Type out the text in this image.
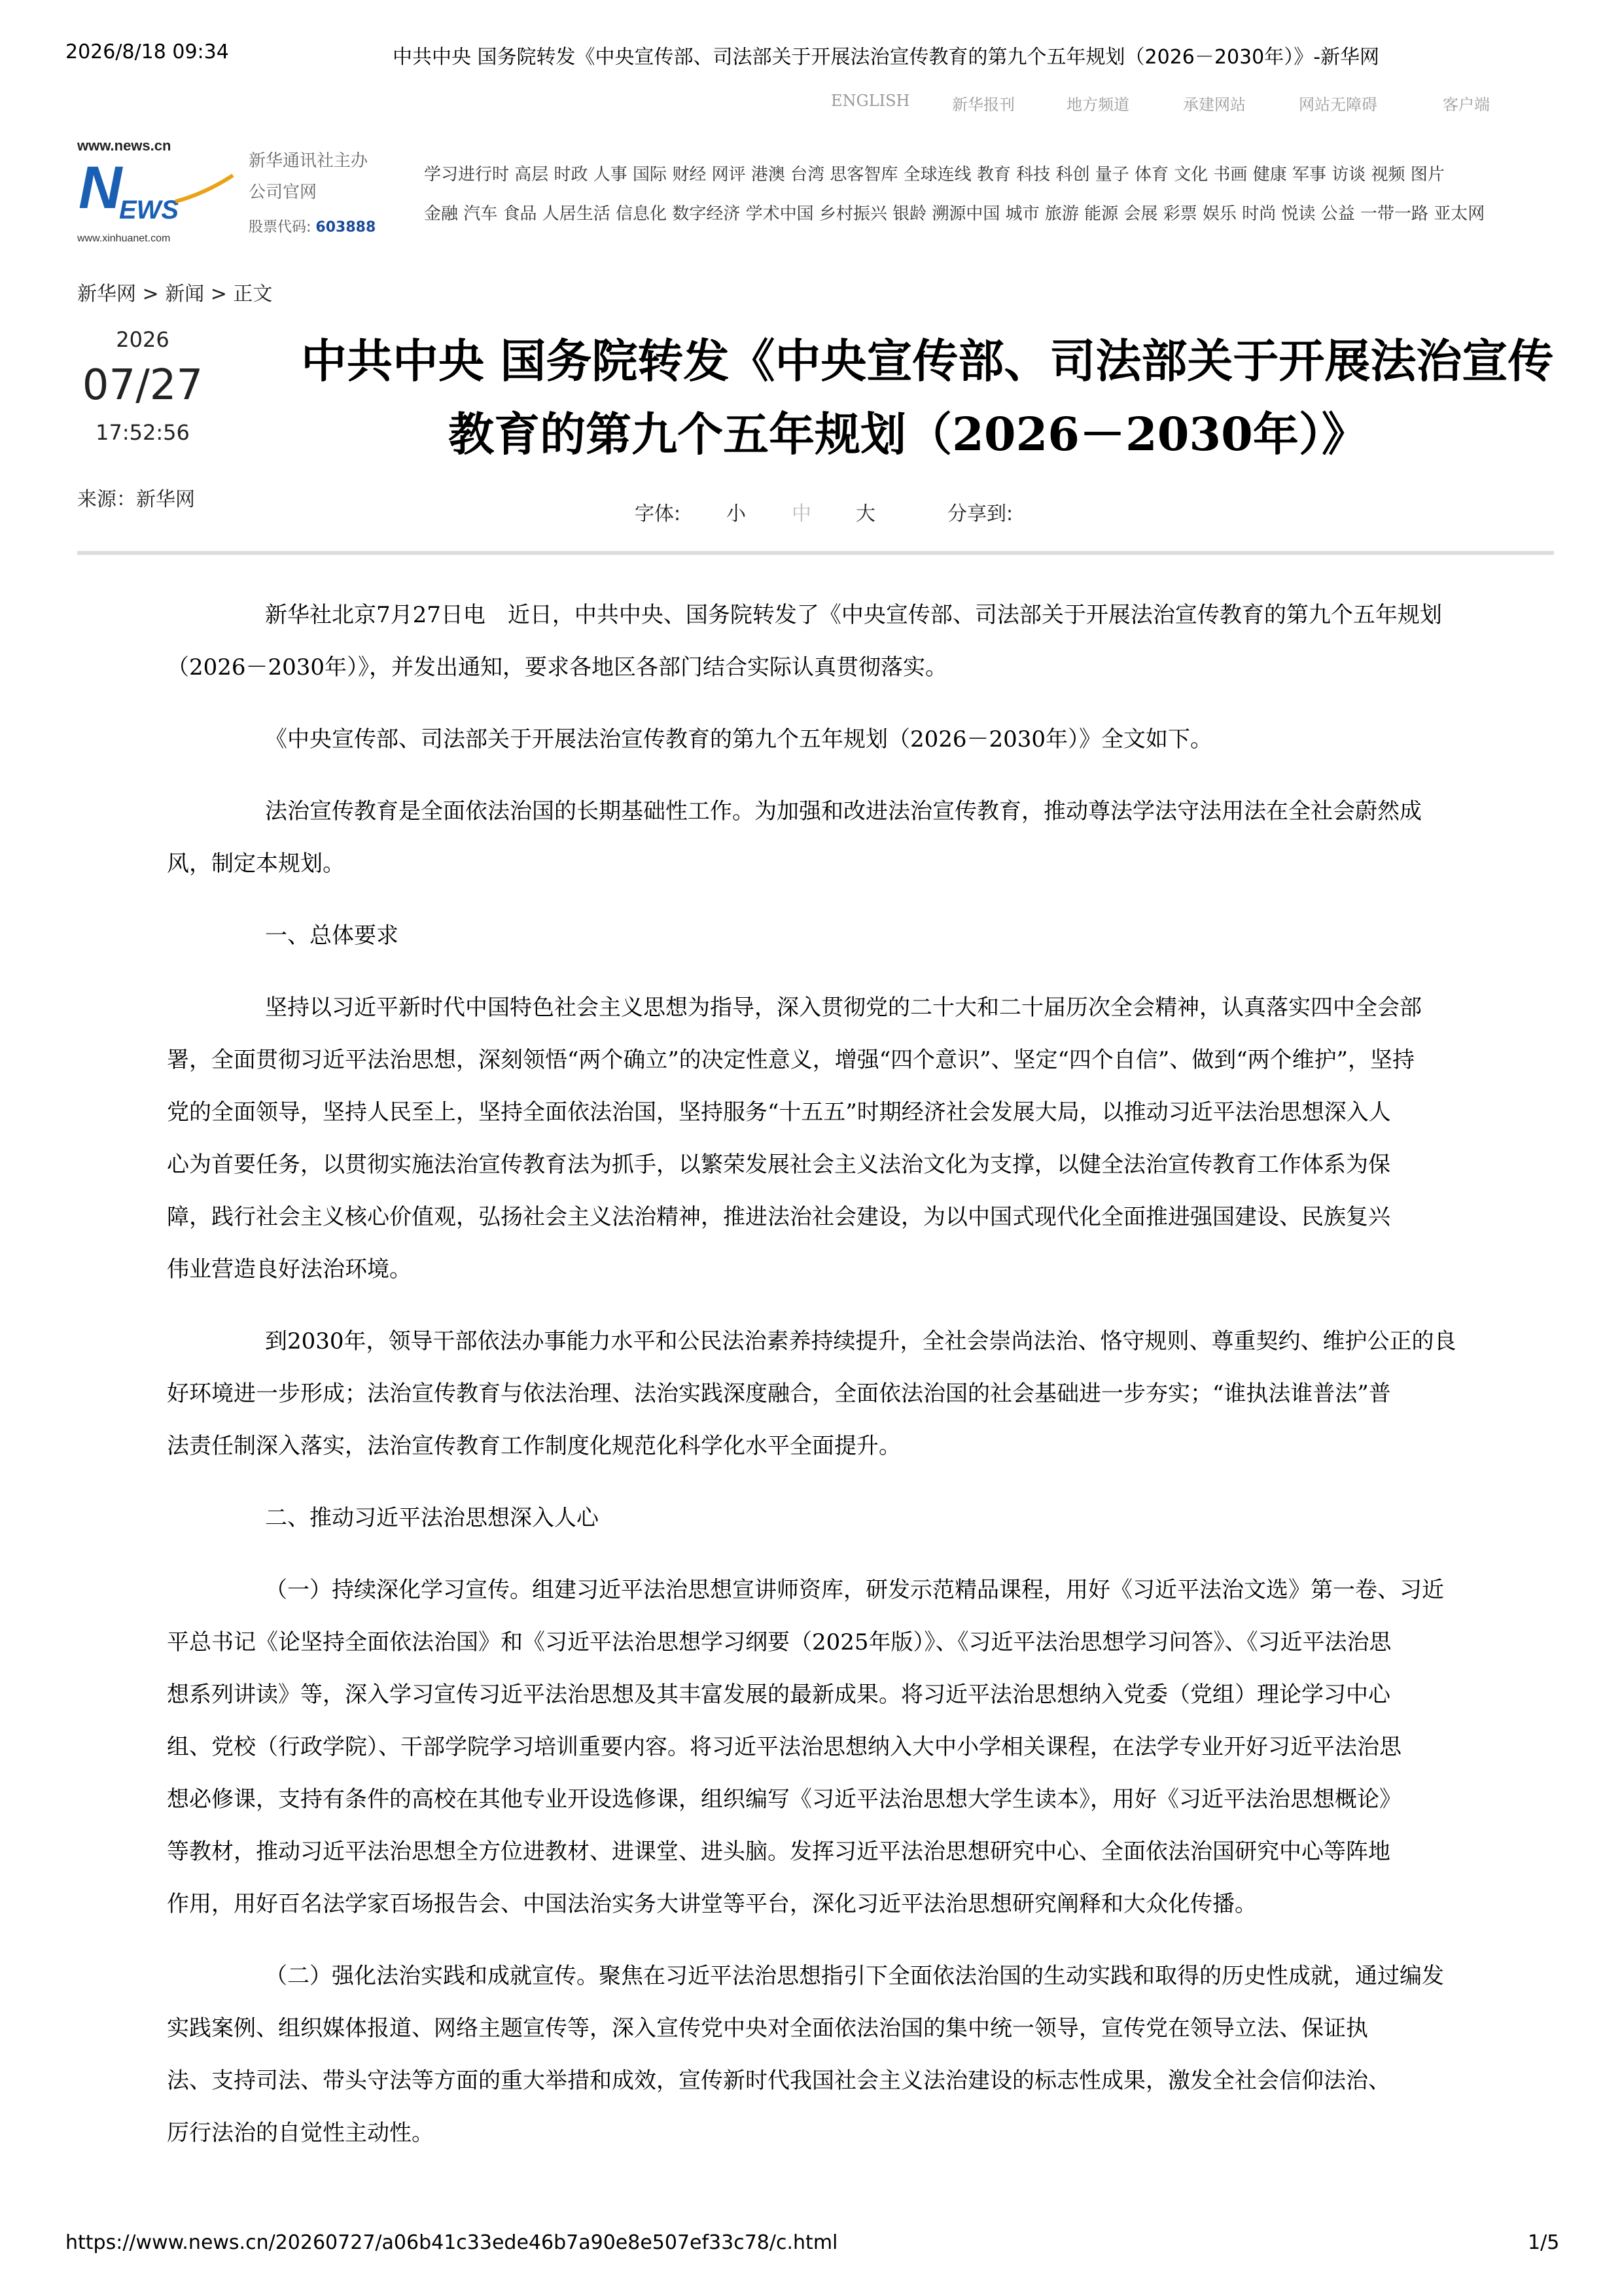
2026/8/18 09:34	中共中央 国务院转发《中央宣传部、司法部关于开展法治宣传教育的第九个五年规划（2026－2030年）》-新华网
ENGLISH	新华报刊	地方频道	承建网站	网站无障碍	客户端
www.news.cn
N
EWS
www.xinhuanet.com
新华通讯社主办
公司官网
股票代码: 603888
学习进行时 高层 时政 人事 国际 财经 网评 港澳 台湾 思客智库 全球连线 教育 科技 科创 量子 体育 文化 书画 健康 军事 访谈 视频 图片
金融 汽车 食品 人居生活 信息化 数字经济 学术中国 乡村振兴 银龄 溯源中国 城市 旅游 能源 会展 彩票 娱乐 时尚 悦读 公益 一带一路 亚太网
新华网 > 新闻 > 正文
2026
07/27
17:52:56
来源：新华网
中共中央 国务院转发《中央宣传部、司法部关于开展法治宣传
教育的第九个五年规划（2026－2030年）》
字体: 小 中 大	分享到:

新华社北京7月27日电　近日，中共中央、国务院转发了《中央宣传部、司法部关于开展法治宣传教育的第九个五年规划

（2026－2030年）》，并发出通知，要求各地区各部门结合实际认真贯彻落实。

《中央宣传部、司法部关于开展法治宣传教育的第九个五年规划（2026－2030年）》全文如下。

法治宣传教育是全面依法治国的长期基础性工作。为加强和改进法治宣传教育，推动尊法学法守法用法在全社会蔚然成

风，制定本规划。

一、总体要求

坚持以习近平新时代中国特色社会主义思想为指导，深入贯彻党的二十大和二十届历次全会精神，认真落实四中全会部

署，全面贯彻习近平法治思想，深刻领悟“两个确立”的决定性意义，增强“四个意识”、坚定“四个自信”、做到“两个维护”，坚持

党的全面领导，坚持人民至上，坚持全面依法治国，坚持服务“十五五”时期经济社会发展大局，以推动习近平法治思想深入人

心为首要任务，以贯彻实施法治宣传教育法为抓手，以繁荣发展社会主义法治文化为支撑，以健全法治宣传教育工作体系为保

障，践行社会主义核心价值观，弘扬社会主义法治精神，推进法治社会建设，为以中国式现代化全面推进强国建设、民族复兴

伟业营造良好法治环境。

到2030年，领导干部依法办事能力水平和公民法治素养持续提升，全社会崇尚法治、恪守规则、尊重契约、维护公正的良

好环境进一步形成；法治宣传教育与依法治理、法治实践深度融合，全面依法治国的社会基础进一步夯实；“谁执法谁普法”普

法责任制深入落实，法治宣传教育工作制度化规范化科学化水平全面提升。

二、推动习近平法治思想深入人心

（一）持续深化学习宣传。组建习近平法治思想宣讲师资库，研发示范精品课程，用好《习近平法治文选》第一卷、习近

平总书记《论坚持全面依法治国》和《习近平法治思想学习纲要（2025年版）》、《习近平法治思想学习问答》、《习近平法治思

想系列讲读》等，深入学习宣传习近平法治思想及其丰富发展的最新成果。将习近平法治思想纳入党委（党组）理论学习中心

组、党校（行政学院）、干部学院学习培训重要内容。将习近平法治思想纳入大中小学相关课程，在法学专业开好习近平法治思

想必修课，支持有条件的高校在其他专业开设选修课，组织编写《习近平法治思想大学生读本》，用好《习近平法治思想概论》

等教材，推动习近平法治思想全方位进教材、进课堂、进头脑。发挥习近平法治思想研究中心、全面依法治国研究中心等阵地

作用，用好百名法学家百场报告会、中国法治实务大讲堂等平台，深化习近平法治思想研究阐释和大众化传播。

（二）强化法治实践和成就宣传。聚焦在习近平法治思想指引下全面依法治国的生动实践和取得的历史性成就，通过编发

实践案例、组织媒体报道、网络主题宣传等，深入宣传党中央对全面依法治国的集中统一领导，宣传党在领导立法、保证执

法、支持司法、带头守法等方面的重大举措和成效，宣传新时代我国社会主义法治建设的标志性成果，激发全社会信仰法治、

厉行法治的自觉性主动性。

https://www.news.cn/20260727/a06b41c33ede46b7a90e8e507ef33c78/c.html	1/5
